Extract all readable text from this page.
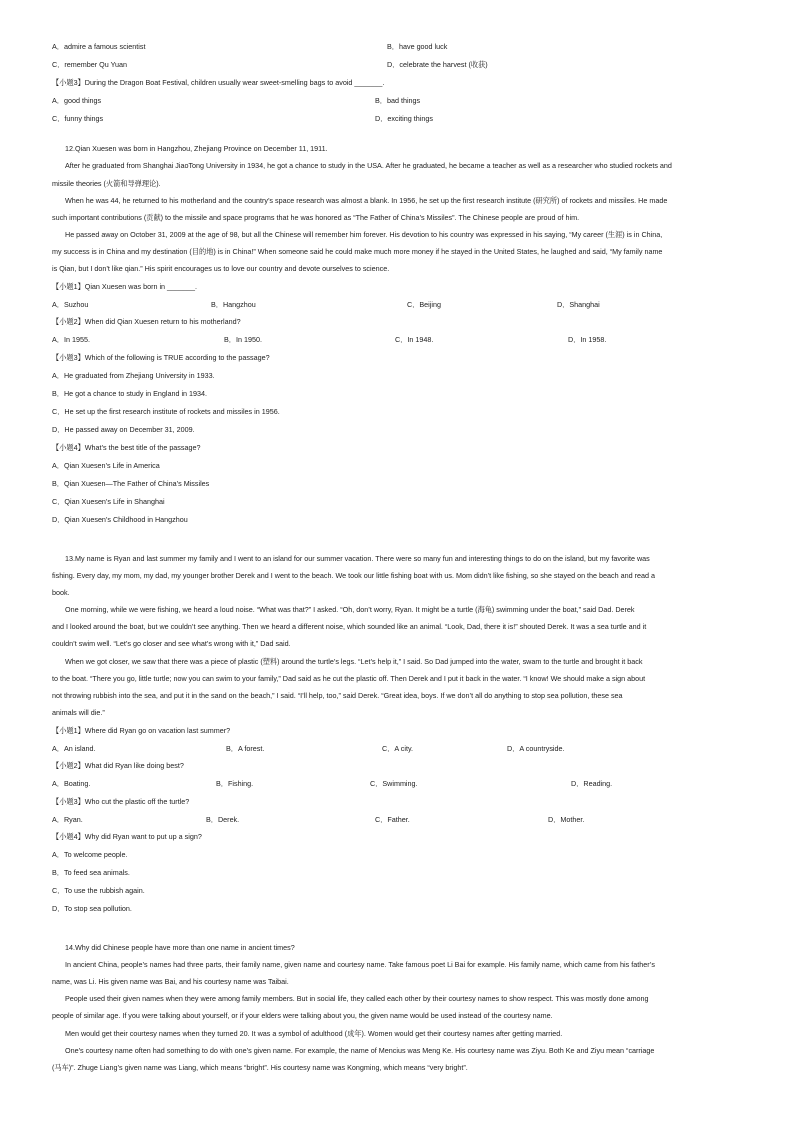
A．admire a famous scientist	B．have good luck
C．remember Qu Yuan	D．celebrate the harvest (收获)
【小题3】During the Dragon Boat Festival, children usually wear sweet-smelling bags to avoid _______.
A．good things	B．bad things
C．funny things	D．exciting things
12.Qian Xuesen was born in Hangzhou, Zhejiang Province on December 11, 1911.
After he graduated from Shanghai JiaoTong University in 1934, he got a chance to study in the USA. After he graduated, he became a teacher as well as a researcher who studied rockets and
missile theories (火箭和导弹理论).
When he was 44, he returned to his motherland and the country’s space research was almost a blank. In 1956, he set up the first research institute (研究所) of rockets and missiles. He made
such important contributions (贡献) to the missile and space programs that he was honored as “The Father of China’s Missiles”. The Chinese people are proud of him.
He passed away on October 31, 2009 at the age of 98, but all the Chinese will remember him forever. His devotion to his country was expressed in his saying, “My career (生涯) is in China,
my success is in China and my destination (目的地) is in China!” When someone said he could make much more money if he stayed in the United States, he laughed and said, “My family name
is Qian, but I don’t like qian.” His spirit encourages us to love our country and devote ourselves to science.
【小题1】Qian Xuesen was born in _______.
A．Suzhou	B．Hangzhou	C．Beijing	D．Shanghai
【小题2】When did Qian Xuesen return to his motherland?
A．In 1955.	B．In 1950.	C．In 1948.	D．In 1958.
【小题3】Which of the following is TRUE according to the passage?
A．He graduated from Zhejiang University in 1933.
B．He got a chance to study in England in 1934.
C．He set up the first research institute of rockets and missiles in 1956.
D．He passed away on December 31, 2009.
【小题4】What’s the best title of the passage?
A．Qian Xuesen’s Life in America
B．Qian Xuesen—The Father of China’s Missiles
C．Qian Xuesen’s Life in Shanghai
D．Qian Xuesen’s Childhood in Hangzhou
13.My name is Ryan and last summer my family and I went to an island for our summer vacation. There were so many fun and interesting things to do on the island, but my favorite was
fishing. Every day, my mom, my dad, my younger brother Derek and I went to the beach. We took our little fishing boat with us. Mom didn’t like fishing, so she stayed on the beach and read a
book.
One morning, while we were fishing, we heard a loud noise. “What was that?” I asked. “Oh, don’t worry, Ryan. It might be a turtle (海龟) swimming under the boat,” said Dad. Derek
and I looked around the boat, but we couldn’t see anything. Then we heard a different noise, which sounded like an animal. “Look, Dad, there it is!” shouted Derek. It was a sea turtle and it
couldn’t swim well. “Let’s go closer and see what’s wrong with it,” Dad said.
When we got closer, we saw that there was a piece of plastic (塑料) around the turtle’s legs. “Let’s help it,” I said. So Dad jumped into the water, swam to the turtle and brought it back
to the boat. “There you go, little turtle; now you can swim to your family,” Dad said as he cut the plastic off. Then Derek and I put it back in the water. “I know! We should make a sign about
not throwing rubbish into the sea, and put it in the sand on the beach,” I said. “I’ll help, too,” said Derek. “Great idea, boys. If we don’t all do anything to stop sea pollution, these sea
animals will die.”
【小题1】Where did Ryan go on vacation last summer?
A．An island.	B．A forest.	C．A city.	D．A countryside.
【小题2】What did Ryan like doing best?
A．Boating.	B．Fishing.	C．Swimming.	D．Reading.
【小题3】Who cut the plastic off the turtle?
A．Ryan.	B．Derek.	C．Father.	D．Mother.
【小题4】Why did Ryan want to put up a sign?
A．To welcome people.
B．To feed sea animals.
C．To use the rubbish again.
D．To stop sea pollution.
14.Why did Chinese people have more than one name in ancient times?
In ancient China, people’s names had three parts, their family name, given name and courtesy name. Take famous poet Li Bai for example. His family name, which came from his father’s
name, was Li. His given name was Bai, and his courtesy name was Taibai.
People used their given names when they were among family members. But in social life, they called each other by their courtesy names to show respect. This was mostly done among
people of similar age. If you were talking about yourself, or if your elders were talking about you, the given name would be used instead of the courtesy name.
Men would get their courtesy names when they turned 20. It was a symbol of adulthood (成年). Women would get their courtesy names after getting married.
One’s courtesy name often had something to do with one’s given name. For example, the name of Mencius was Meng Ke. His courtesy name was Ziyu. Both Ke and Ziyu mean “carriage
(马车)”. Zhuge Liang’s given name was Liang, which means “bright”. His courtesy name was Kongming, which means “very bright”.
